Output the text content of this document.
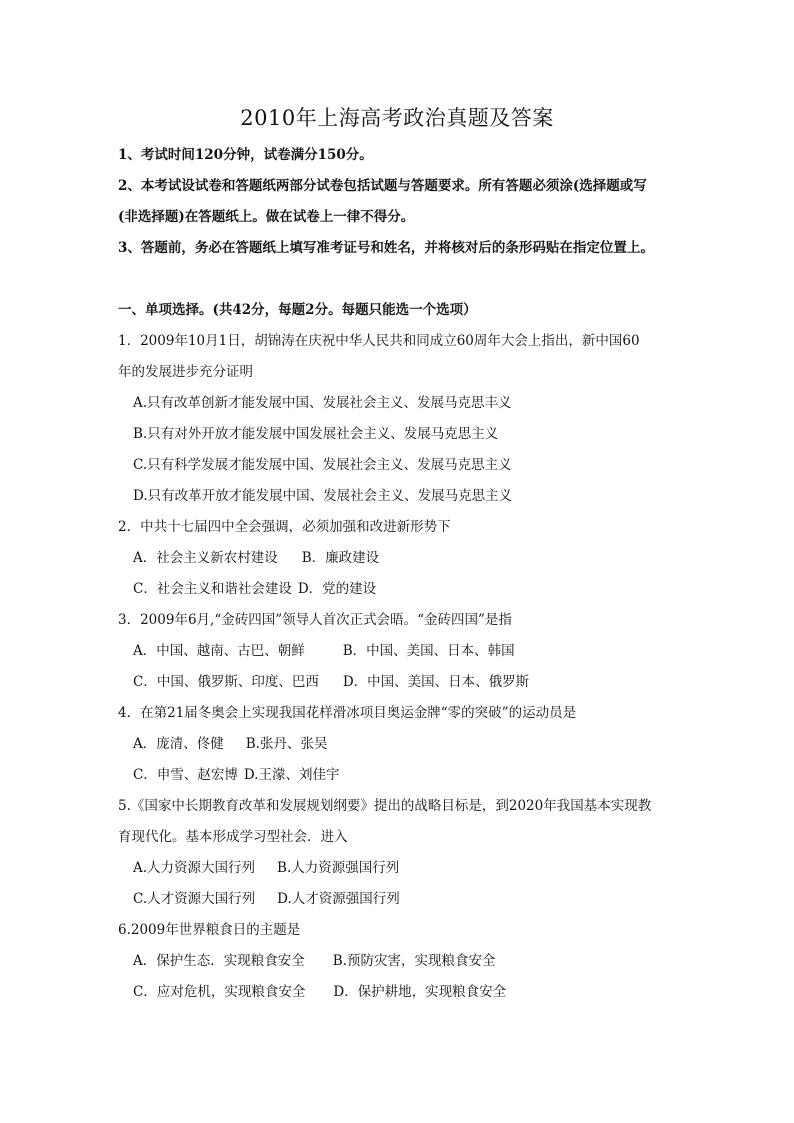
2010年上海高考政治真题及答案
1、考试时间120分钟，试卷满分150分。
2、本考试设试卷和答题纸两部分试卷包括试题与答题要求。所有答题必须涂(选择题或写
(非选择题)在答题纸上。做在试卷上一律不得分。
3、答题前，务必在答题纸上填写准考证号和姓名，并将核对后的条形码贴在指定位置上。
一、单项选择。(共42分，每题2分。每题只能选一个选项）
1．2009年10月1日，胡锦涛在庆祝中华人民共和同成立60周年大会上指出，新中国60
年的发展进步充分证明
A.只有改革创新才能发展中国、发展社会主义、发展马克思丰义
B.只有对外开放才能发展中国发展社会主义、发展马克思主义
C.只有科学发展才能发展中国、发展社会主义、发展马克思主义
D.只有改革开放才能发展中国、发展社会主义、发展马克思主义
2．中共十七届四中全会强调，必须加强和改进新形势下
A．社会主义新农村建设 B．廉政建设
C．社会主义和谐社会建设 D．党的建设
3．2009年6月,“金砖四国”领导人首次正式会晤。“金砖四国”是指
A．中国、越南、古巴、朝鲜	B．中国、美国、日本、韩国
C．中国、俄罗斯、印度、巴西 D．中国、美国、日本、俄罗斯
4．在第21届冬奥会上实现我国花样滑冰项目奥运金牌“零的突破”的运动员是
A．庞清、佟健 B.张丹、张吴
C．申雪、赵宏博 D.王濛、刘佳宇
5.《国家中长期教育改革和发展规划纲要》提出的战略目标是，到2020年我国基本实现教
育现代化。基本形成学习型社会．进入
A.人力资源大国行列 B.人力资源强国行列
C.人才资源大国行列 D.人才资源强国行列
6.2009年世界粮食日的主题是
A．保护生态．实现粮食安全 B.预防灾害，实现粮食安全
C．应对危机，实现粮食安全 D．保护耕地，实现粮食安全
